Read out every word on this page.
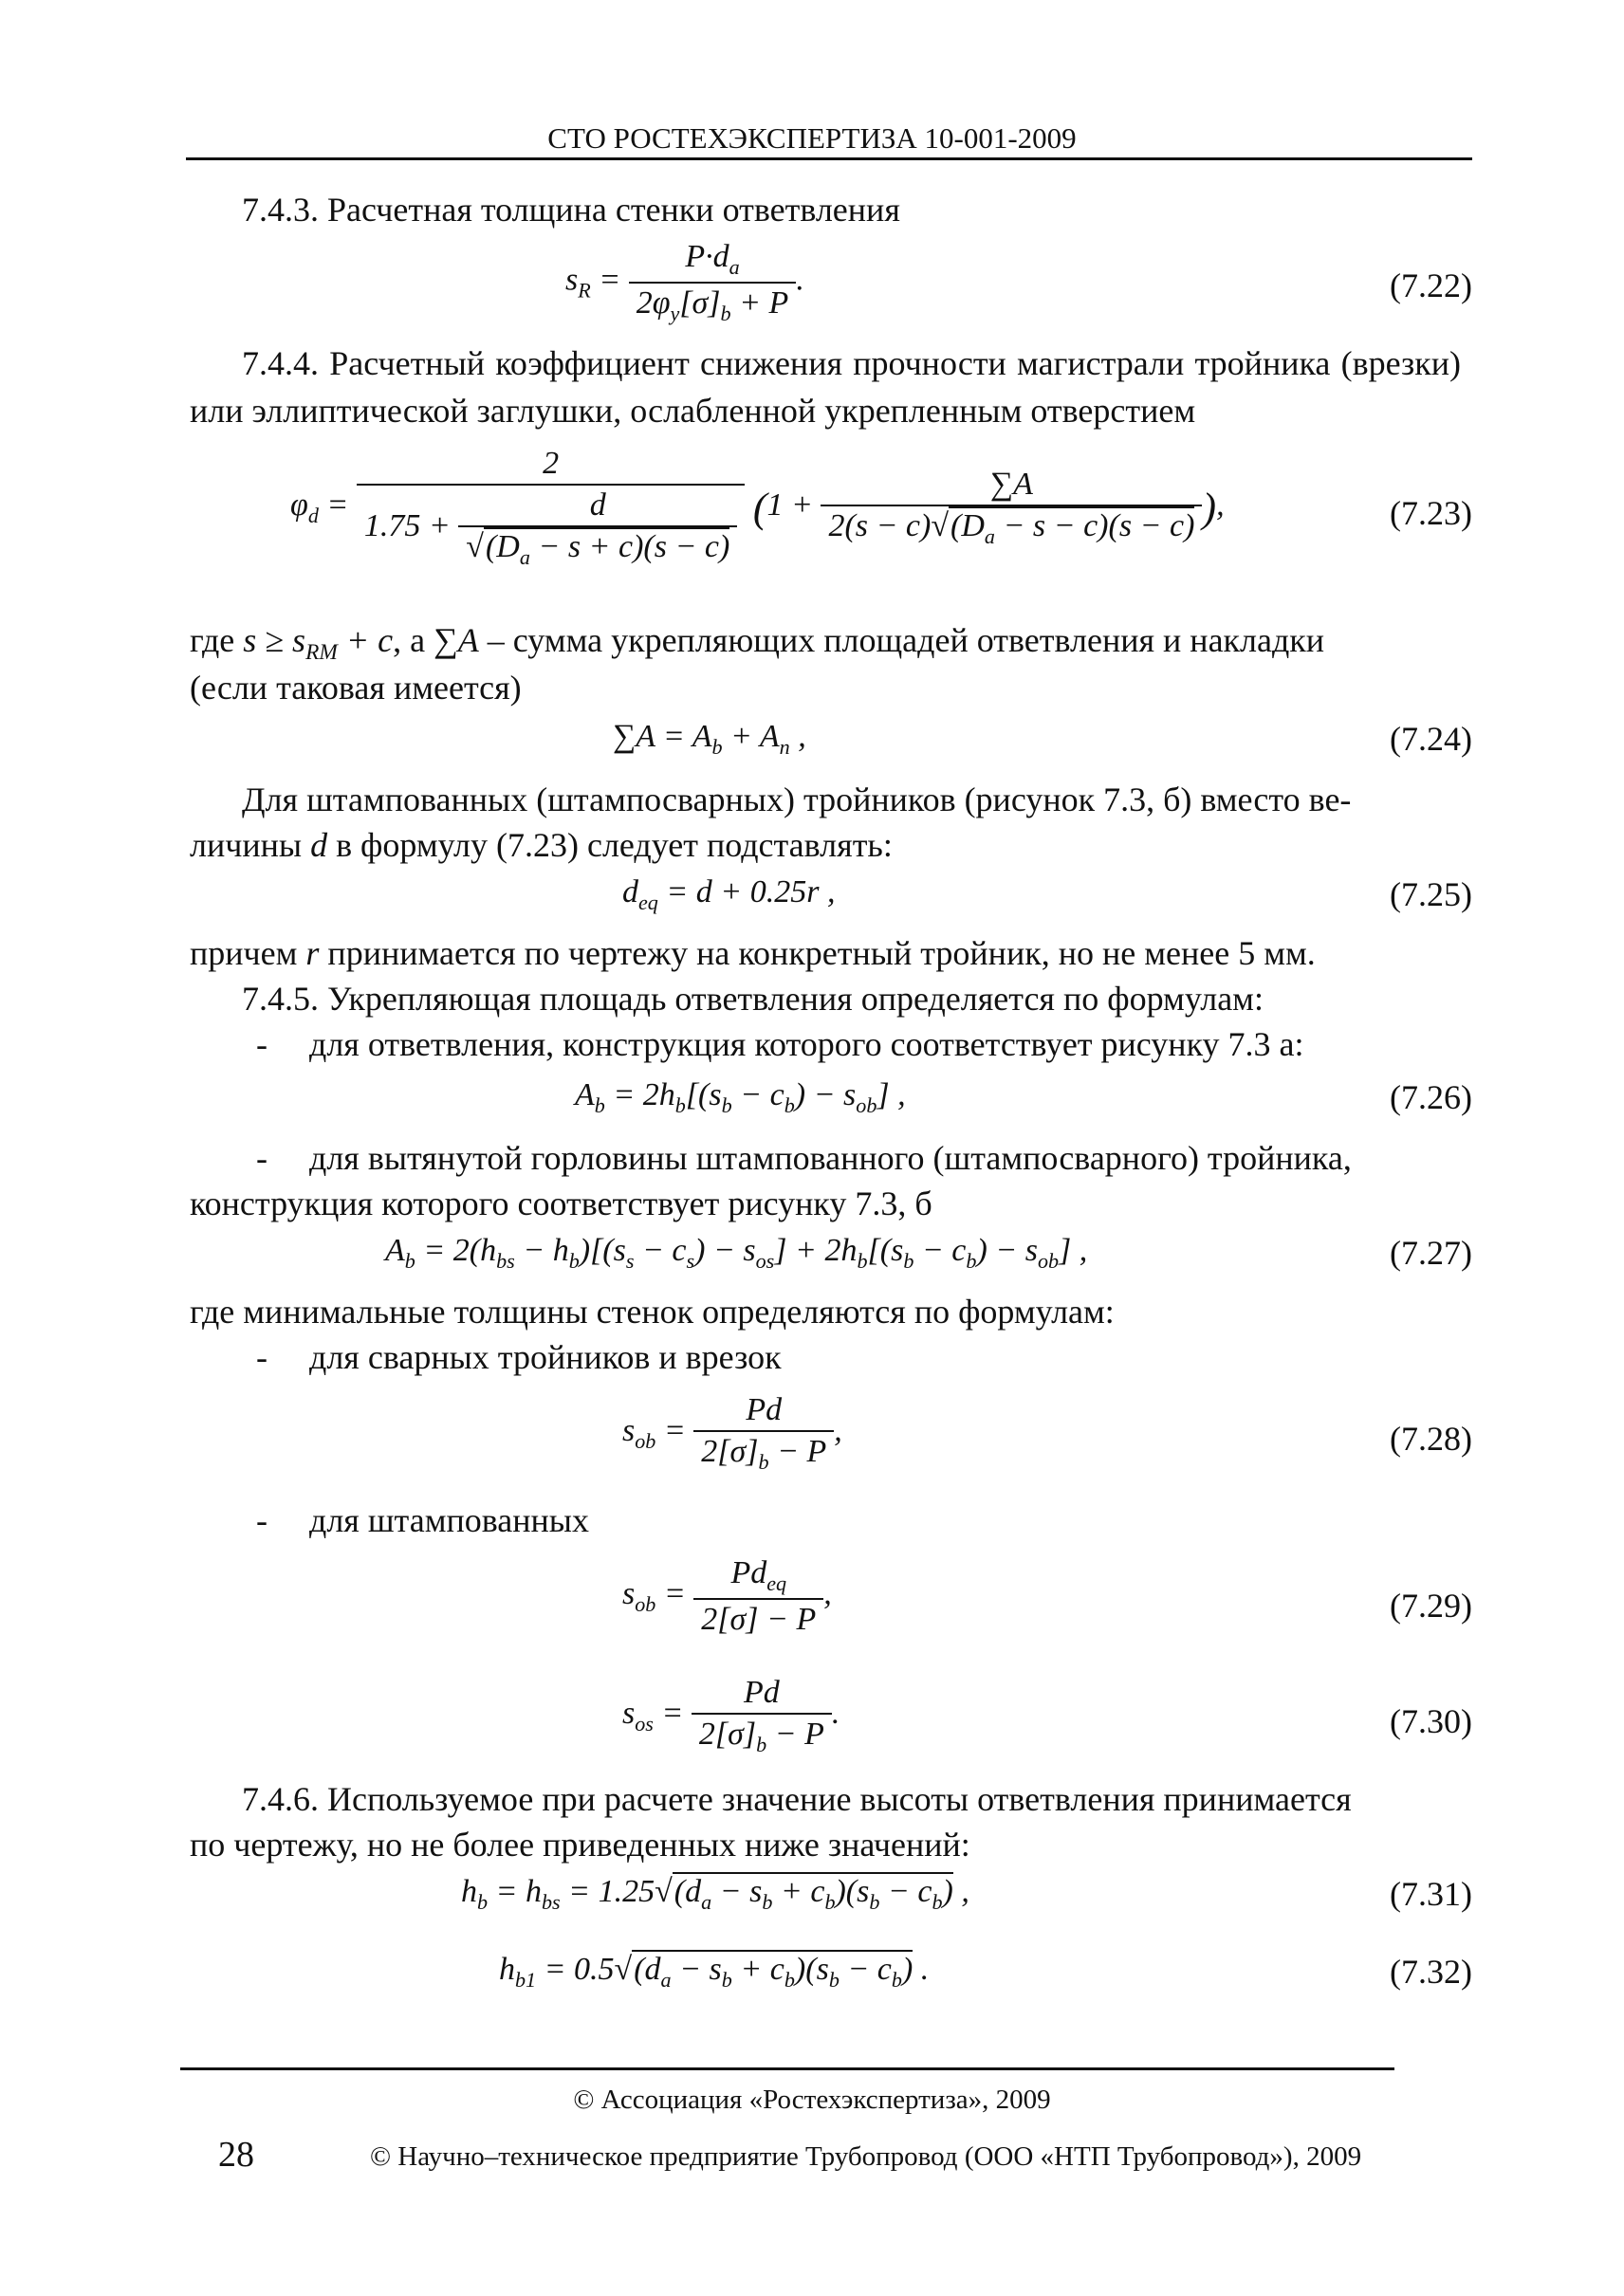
СТО РОСТЕХЭКСПЕРТИЗА 10-001-2009
7.4.3. Расчетная толщина стенки ответвления
$s_R = \frac{P\cdot d_a}{2\varphi_y[\sigma]_b + P}$ .	(7.22)
7.4.4. Расчетный коэффициент снижения прочности магистрали тройника (врезки) или эллиптической заглушки, ослабленной укрепленным отверстием
$\varphi_d = \frac{2}{1.75 + \frac{d}{√(D_a - s + c)(s - c)}} (1 + \frac{\sum A}{2(s - c)√(D_a - s - c)(s - c)}$ ),	(7.23)
где $s \ge s_{RM} + c$, а ∑A – сумма укрепляющих площадей ответвления и накладки
(если таковая имеется)
$\sum A = A_b + A_n$ ,	(7.24)
Для штампованных (штампосварных) тройников (рисунок 7.3, б) вместо ве-
личины d в формулу (7.23) следует подставлять:
$d_{eq} = d + 0.25r$ ,	(7.25)
причем r принимается по чертежу на конкретный тройник, но не менее 5 мм.
7.4.5. Укрепляющая площадь ответвления определяется по формулам:
- для ответвления, конструкция которого соответствует рисунку 7.3 а:
$A_b = 2h_b[(s_b - c_b) - s_{ob}]$ ,	(7.26)
- для вытянутой горловины штампованного (штампосварного) тройника,
конструкция которого соответствует рисунку 7.3, б
$A_b = 2(h_{bs} - h_b)[(s_s - c_s) - s_{os}] + 2h_b[(s_b - c_b) - s_{ob}]$ ,	(7.27)
где минимальные толщины стенок определяются по формулам:
- для сварных тройников и врезок
$s_{ob} = \frac{Pd}{2[\sigma]_b - P}$ ,	(7.28)
- для штампованных
$s_{ob} = \frac{Pd_{eq}}{2[\sigma] - P}$ ,	(7.29)
$s_{os} = \frac{Pd}{2[\sigma]_b - P}$ .	(7.30)
7.4.6. Используемое при расчете значение высоты ответвления принимается
по чертежу, но не более приведенных ниже значений:
$h_b = h_{bs} = 1.25√(d_a - s_b + c_b)(s_b - c_b)$ ,	(7.31)
$h_{b1} = 0.5√(d_a - s_b + c_b)(s_b - c_b)$ .	(7.32)
© Ассоциация «Ростехэкспертиза», 2009
28	© Научно–техническое предприятие Трубопровод (ООО «НТП Трубопровод»), 2009
